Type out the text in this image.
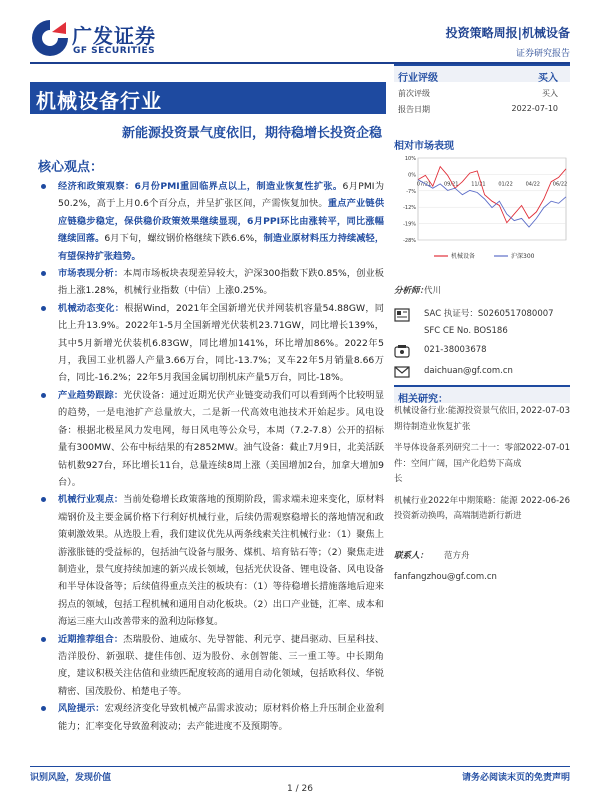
广发证券
GF SECURITIES
投资策略周报|机械设备
证券研究报告
机械设备行业
新能源投资景气度依旧，期待稳增长投资企稳
核心观点：

经济和政策观察：6月份PMI重回临界点以上，制造业恢复性扩张。6月PMI为50.2%，高于上月0.6个百分点，并呈扩张区间，产需恢复加快。重点产业链供应链稳步稳定，保供稳价政策效果继续显现，6月PPI环比由涨转平，同比涨幅继续回落。6月下旬，螺纹钢价格继续下跌6.6%，制造业原材料压力持续减轻，有望保持扩张趋势。

市场表现分析：本周市场板块表现差异较大，沪深300指数下跌0.85%，创业板指上涨1.28%，机械行业指数（中信）上涨0.25%。

机械动态变化：根据Wind，2021年全国新增光伏并网装机容量54.88GW，同比上升13.9%。2022年1-5月全国新增光伏装机23.71GW，同比增长139%，其中5月新增光伏装机6.83GW，同比增加141%，环比增加86%。2022年5月，我国工业机器人产量3.66万台，同比-13.7%；叉车22年5月销量8.66万台，同比-16.2%；22年5月我国金属切削机床产量5万台，同比-18%。

产业趋势跟踪：光伏设备：通过近期光伏产业链变动我们可以看到两个比较明显的趋势，一是电池扩产总量放大，二是新一代高效电池技术开始起步。风电设备：根据北极星风力发电网，每日风电等公众号，本周（7.2-7.8）公开的招标量有300MW、公布中标结果的有2852MW。油气设备：截止7月9日，北美活跃钻机数927台，环比增长11台，总量连续8周上涨（美国增加2台，加拿大增加9台）。

机械行业观点：当前处稳增长政策落地的预期阶段，需求端未迎来变化，原材料端钢价及主要金属价格下行利好机械行业，后续仍需观察稳增长的落地情况和政策刺激效果。从选股上看，我们建议优先从两条线索关注机械行业：（1）聚焦上游涨胀链的受益标的，包括油气设备与服务、煤机、培育钻石等；（2）聚焦走进制造业，景气度持续加速的新兴成长领域，包括光伏设备、锂电设备、风电设备和半导体设备等；后续值得重点关注的板块有：（1）等待稳增长措施落地后迎来拐点的领域，包括工程机械和通用自动化板块。（2）出口产业链，汇率、成本和海运三座大山改善带来的盈利边际修复。

近期推荐组合：杰瑞股份、迪威尔、先导智能、利元亨、捷昌驱动、巨星科技、浩洋股份、新强联、捷佳伟创、迈为股份、永创智能、三一重工等。中长期角度，建议积极关注估值和业绩匹配度较高的通用自动化领域，包括欧科仪、华锐精密、国茂股份、柏楚电子等。

风险提示：宏观经济变化导致机械产品需求波动；原材料价格上升压制企业盈利能力；汇率变化导致盈利波动；去产能进度不及预期等。

行业评级	买入
前次评级	买入
报告日期	2022-07-10
相对市场表现
10%
0%
-7%
-12%
-19%
-28%
07/21	09/21	11/21	01/22	04/22	06/22
机械设备	沪深300
分析师：
代川
SAC 执证号：S0260517080007
SFC CE No. BOS186
021-38003678
daichuan@gf.com.cn
相关研究：
机械设备行业:能源投资景气依旧，期待制造业恢复扩张
2022-07-03
半导体设备系列研究二十一：零部件：空间广阔，国产化趋势下高成长
2022-07-01
机械行业2022年中期策略：能源投资新动换鸣，高端制造新行新进
2022-06-26
联系人： 范方舟
fanfangzhou@gf.com.cn
识别风险，发现价值	请务必阅读末页的免责声明
1 / 26
